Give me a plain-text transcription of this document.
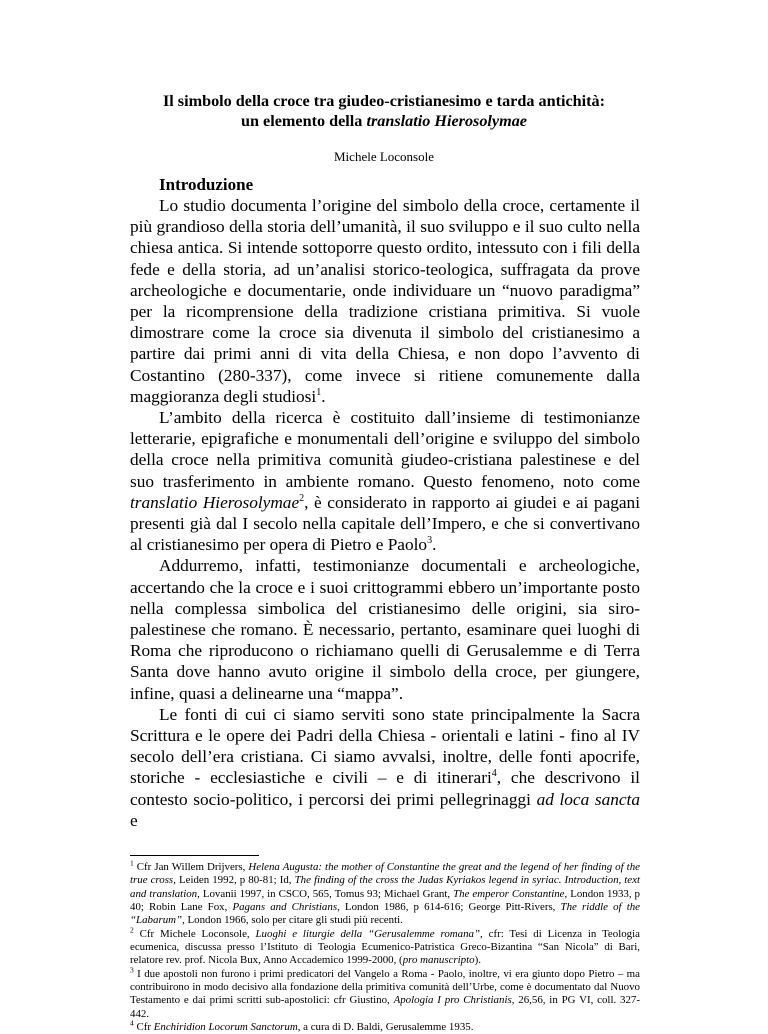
Il simbolo della croce tra giudeo-cristianesimo e tarda antichità:
un elemento della translatio Hierosolymae
Michele Loconsole
Introduzione

Lo studio documenta l’origine del simbolo della croce, certamente il più grandioso della storia dell’umanità, il suo sviluppo e il suo culto nella chiesa antica. Si intende sottoporre questo ordito, intessuto con i fili della fede e della storia, ad un’analisi storico-teologica, suffragata da prove archeologiche e documentarie, onde individuare un “nuovo paradigma” per la ricomprensione della tradizione cristiana primitiva. Si vuole dimostrare come la croce sia divenuta il simbolo del cristianesimo a partire dai primi anni di vita della Chiesa, e non dopo l’avvento di Costantino (280-337), come invece si ritiene comunemente dalla maggioranza degli studiosi$^1$.

L’ambito della ricerca è costituito dall’insieme di testimonianze letterarie, epigrafiche e monumentali dell’origine e sviluppo del simbolo della croce nella primitiva comunità giudeo-cristiana palestinese e del suo trasferimento in ambiente romano. Questo fenomeno, noto come translatio Hierosolymae$^2$, è considerato in rapporto ai giudei e ai pagani presenti già dal I secolo nella capitale dell’Impero, e che si convertivano al cristianesimo per opera di Pietro e Paolo$^3$.

Addurremo, infatti, testimonianze documentali e archeologiche, accertando che la croce e i suoi crittogrammi ebbero un’importante posto nella complessa simbolica del cristianesimo delle origini, sia siro-palestinese che romano. È necessario, pertanto, esaminare quei luoghi di Roma che riproducono o richiamano quelli di Gerusalemme e di Terra Santa dove hanno avuto origine il simbolo della croce, per giungere, infine, quasi a delinearne una “mappa”.

Le fonti di cui ci siamo serviti sono state principalmente la Sacra Scrittura e le opere dei Padri della Chiesa - orientali e latini - fino al IV secolo dell’era cristiana. Ci siamo avvalsi, inoltre, delle fonti apocrife, storiche - ecclesiastiche e civili – e di itinerari$^4$, che descrivono il contesto socio-politico, i percorsi dei primi pellegrinaggi ad loca sancta e

$^1$ Cfr Jan Willem Drijvers, Helena Augusta: the mother of Constantine the great and the legend of her finding of the true cross, Leiden 1992, p 80-81; Id, The finding of the cross the Judas Kyriakos legend in syriac. Introduction, text and translation, Lovanii 1997, in CSCO, 565, Tomus 93; Michael Grant, The emperor Constantine, London 1933, p 40; Robin Lane Fox, Pagans and Christians, London 1986, p 614-616; George Pitt-Rivers, The riddle of the “Labarum”, London 1966, solo per citare gli studi più recenti.

$^2$ Cfr Michele Loconsole, Luoghi e liturgie della “Gerusalemme romana”, cfr: Tesi di Licenza in Teologia ecumenica, discussa presso l’Istituto di Teologia Ecumenico-Patristica Greco-Bizantina “San Nicola” di Bari, relatore rev. prof. Nicola Bux, Anno Accademico 1999-2000, (pro manuscripto).

$^3$ I due apostoli non furono i primi predicatori del Vangelo a Roma - Paolo, inoltre, vi era giunto dopo Pietro – ma contribuirono in modo decisivo alla fondazione della primitiva comunità dell’Urbe, come è documentato dal Nuovo Testamento e dai primi scritti sub-apostolici: cfr Giustino, Apologia I pro Christianis, 26,56, in PG VI, coll. 327-442.

$^4$ Cfr Enchiridion Locorum Sanctorum, a cura di D. Baldi, Gerusalemme 1935.
